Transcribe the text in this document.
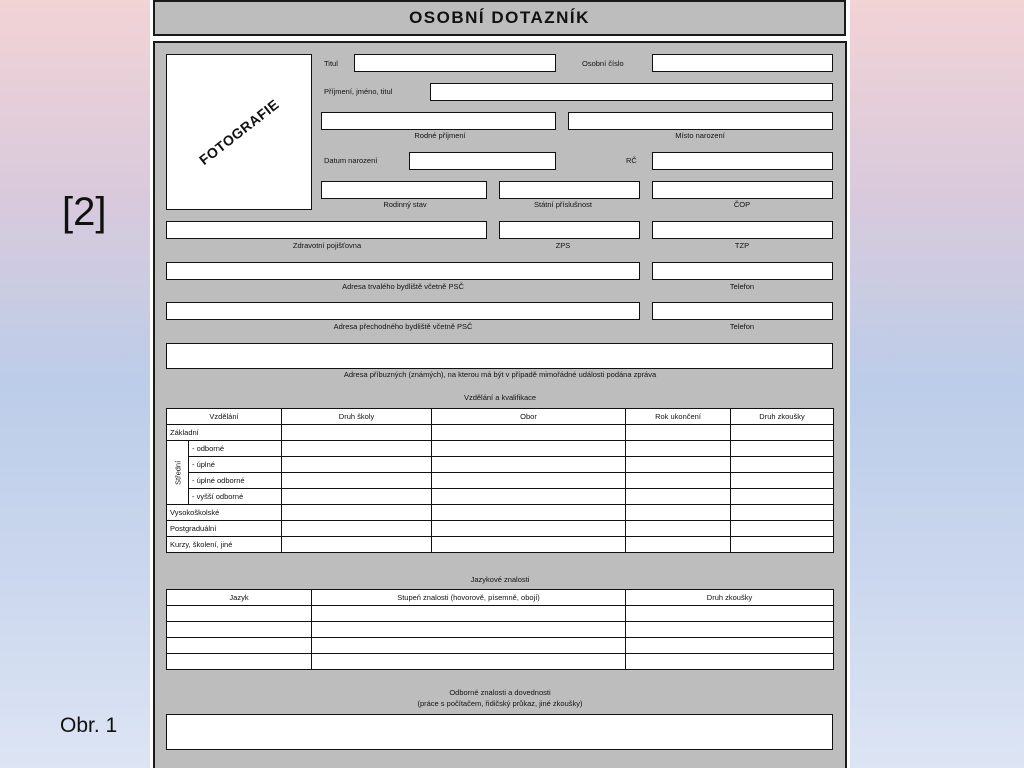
[2]
Obr. 1
OSOBNÍ DOTAZNÍK
FOTOGRAFIE
Titul	Osobní číslo
Příjmení, jméno, titul
Rodné příjmení	Místo narození
Datum narození	RČ
Rodinný stav	Státní příslušnost	ČOP
Zdravotní pojišťovna	ZPS	TZP
Adresa trvalého bydliště včetně PSČ	Telefon
Adresa přechodného bydliště včetně PSČ	Telefon
Adresa příbuzných (známých), na kterou má být v případě mimořádné události podána zpráva
Vzdělání a kvalifikace
Vzdělání		Druh školy	Obor	Rok ukončení	Druh zkoušky
Základní					
Střední	- odborné				
	- úplné				
	- úplné odborné				
	- vyšší odborné				
Vysokoškolské					
Postgraduální					
Kurzy, školení, jiné					
Jazykové znalosti
Jazyk	Stupeň znalosti (hovorově, písemně, obojí)	Druh zkoušky

Odborné znalosti a dovednosti
(práce s počítačem, řidičský průkaz, jiné zkoušky)
